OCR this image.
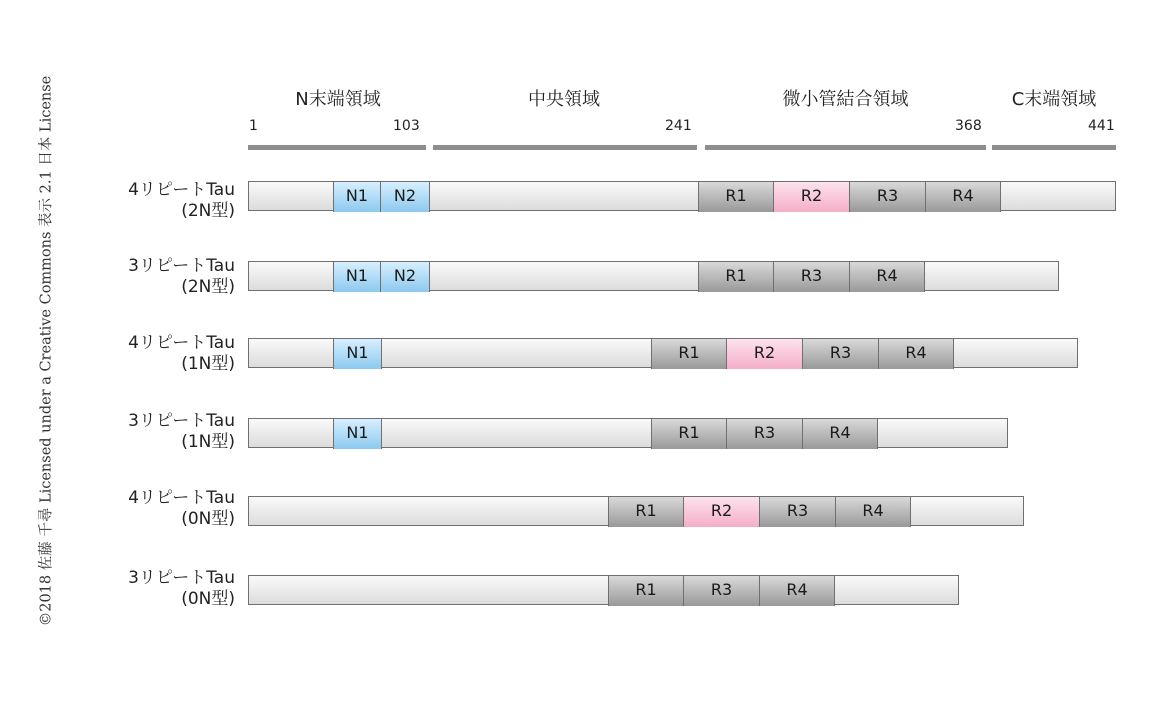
©2018 佐藤 千尋 Licensed under a Creative Commons 表示 2.1 日本 License	N末端領域	中央領域	微小管結合領域	C末端領域
1	103	241	368	441
4リピートTau
(2N型)
N1	N2	R1	R2	R3	R4
3リピートTau
(2N型)
N1	N2	R1	R3	R4
4リピートTau
(1N型)
N1	R1	R2	R3	R4
3リピートTau
(1N型)	N1	R1	R3	R4
4リピートTau
(0N型)	R1	R2	R3	R4
3リピートTau
(0N型)	R1	R3	R4
